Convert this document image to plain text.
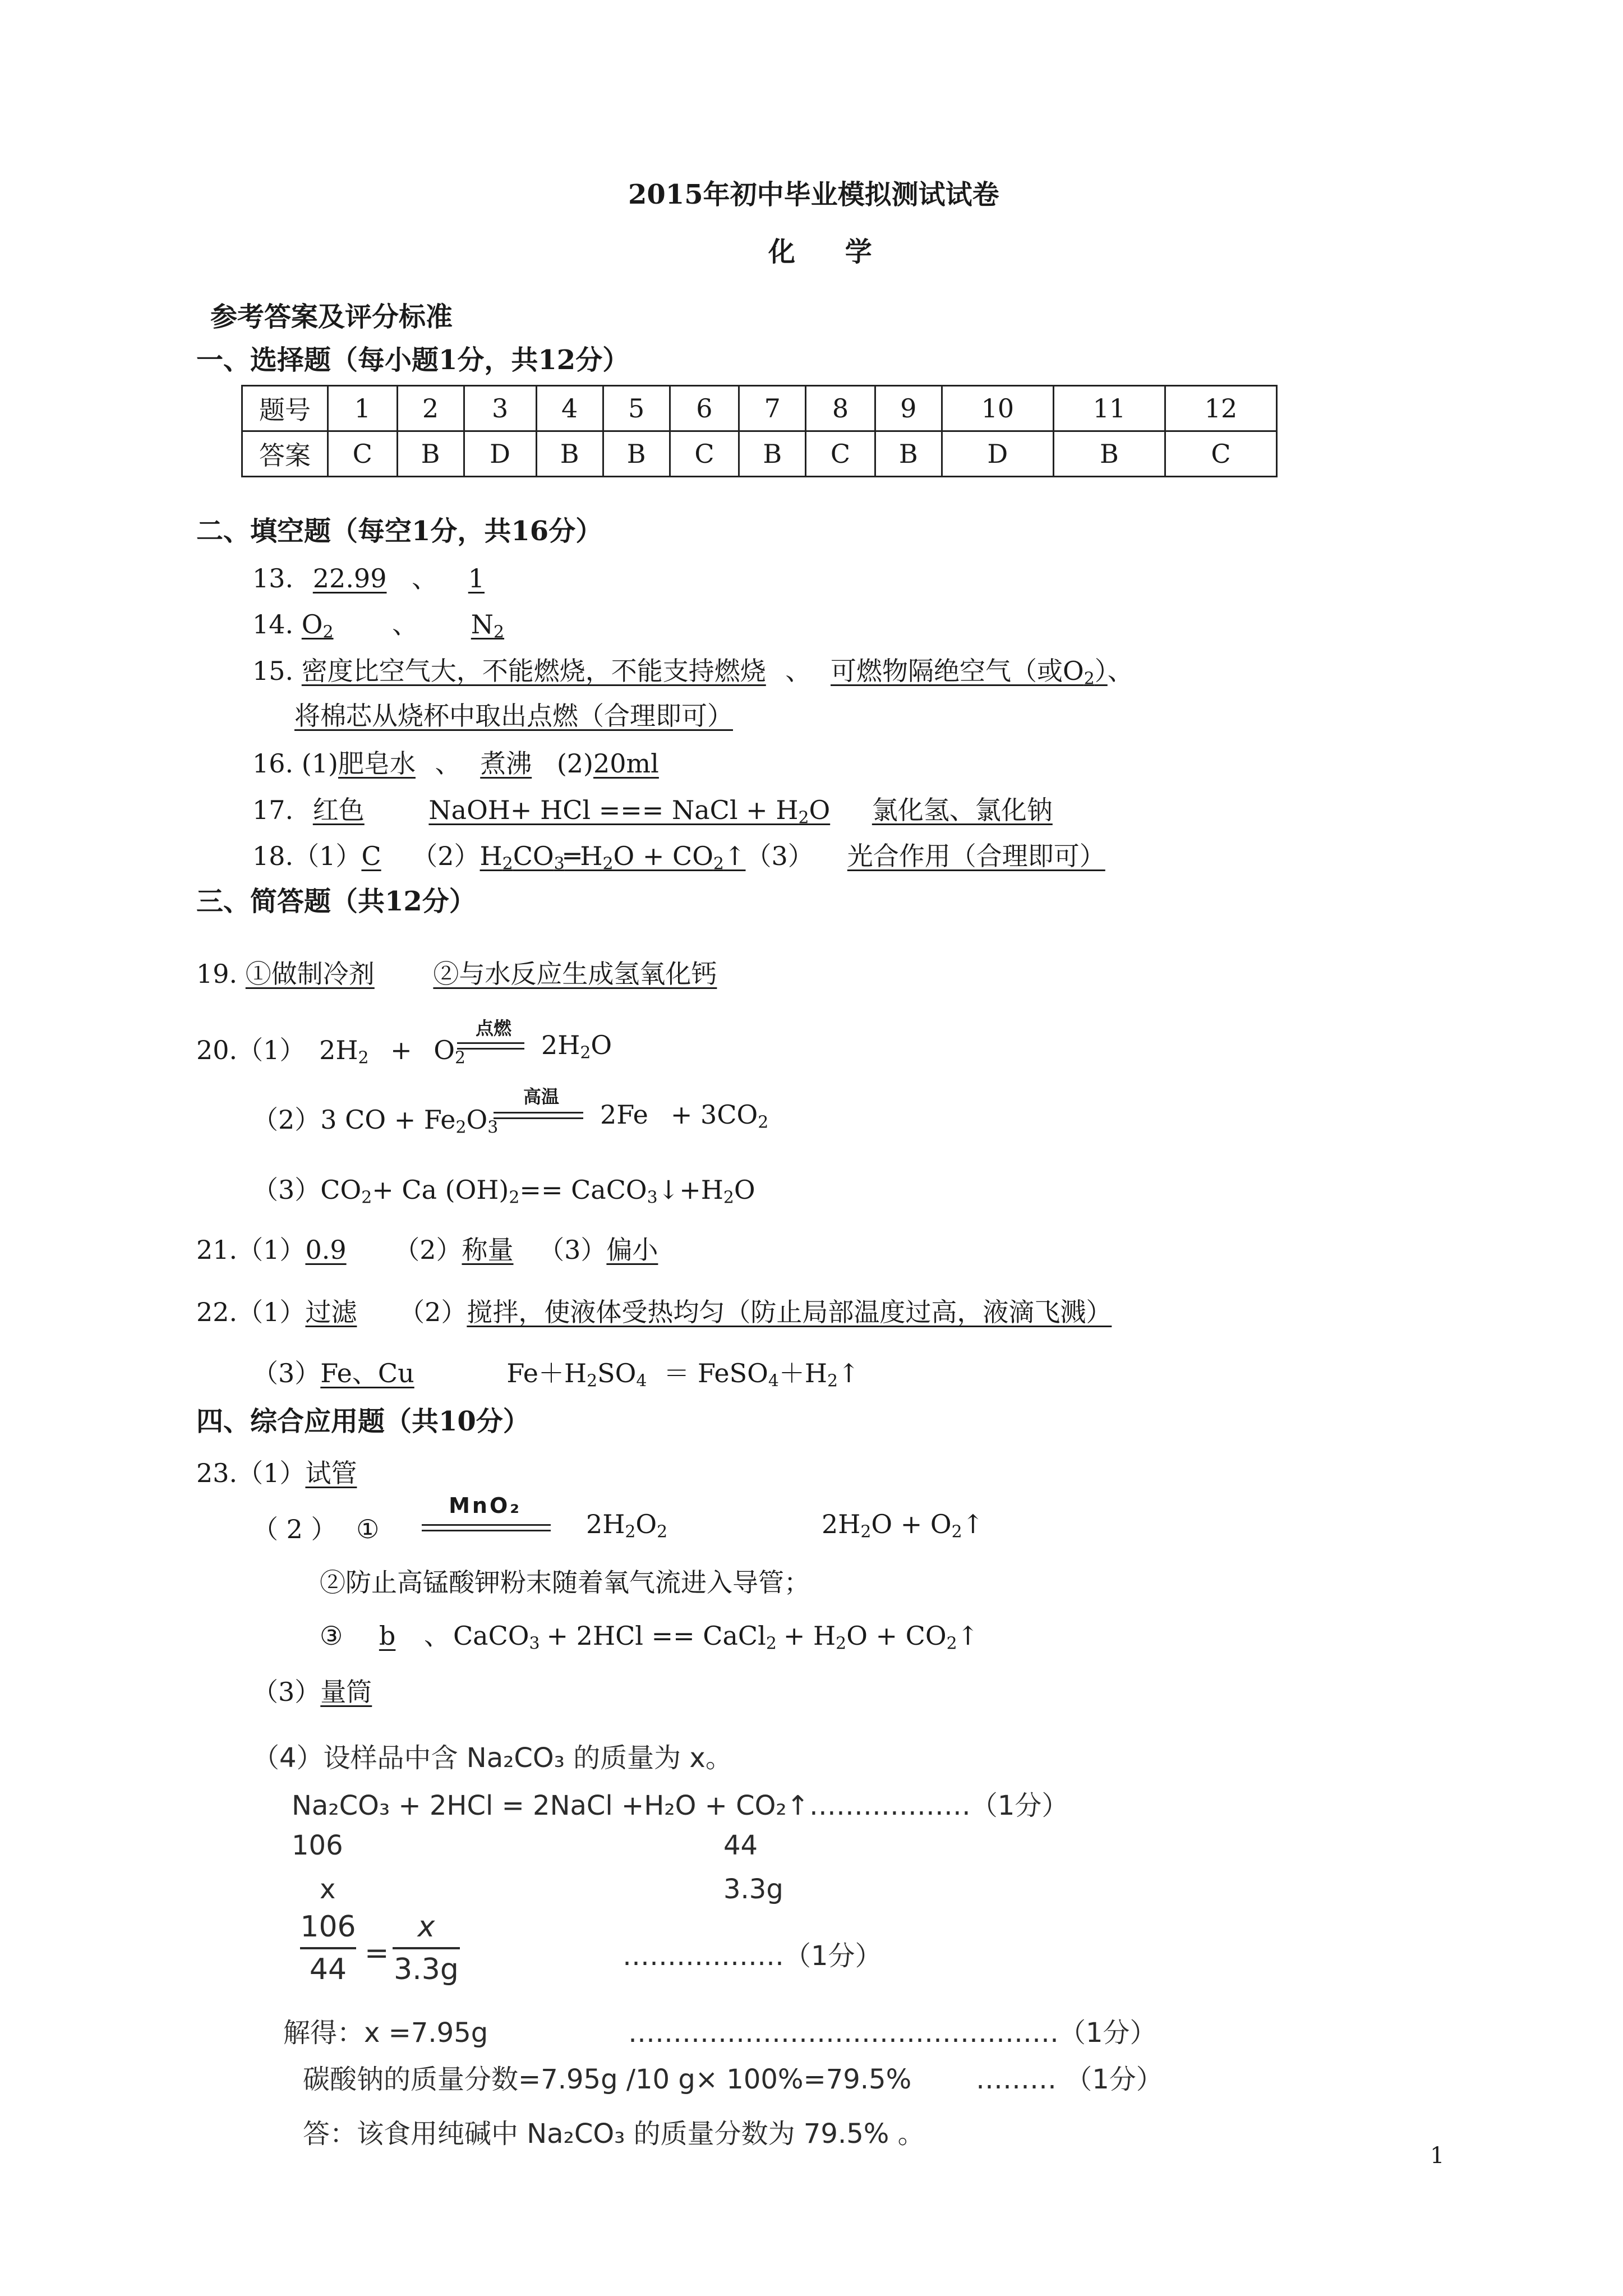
2015年初中毕业模拟测试试卷
化 学
参考答案及评分标准
一、选择题（每小题1分，共12分）
题号	1	2	3	4	5	6	7	8	9	10	11	12
答案	C	B	D	B	B	C	B	C	B	D	B	C
二、填空题（每空1分，共16分）
13. 22.99 、 1
14. $O_2$ 、 $N_2$
15. 密度比空气大，不能燃烧，不能支持燃烧 、 可燃物隔绝空气（或$O_2$）、
将棉芯从烧杯中取出点燃（合理即可）
16. (1)肥皂水 、 煮沸 (2)20ml
17. 红色 NaOH+ HCl === NaCl + $H_2O$ 氯化氢、氯化钠
18.（1）C $(2)H_2CO_3═H_2O$ + $CO_2↑(3)$ 光合作用（合理即可）
三、简答题（共12分）
19. ①做制冷剂 ②与水反应生成氢氧化钙
20.（1） $2H_2 + O_2$
点燃
$2H_2O$
（2）3 CO + $Fe_2O_3$
高温
$2Fe + 3CO_2$
$(3)CO_2+ Ca$ $(OH)_2==$ $CaCO_3↓+H_2O$
21.（1）0.9 （2）称量 （3）偏小
22.（1）过滤 （2）搅拌，使液体受热均匀（防止局部温度过高，液滴飞溅）
（3）Fe、Cu	$Fe+H_2SO_4$ ＝ $FeSO_4+H_2↑$
四、综合应用题（共10分）
23.（1）试管
（ 2 ） ①
MnO₂
$2H_2O_2$	$2H_2O$ + $O_2↑$
②防止高锰酸钾粉末随着氧气流进入导管；
③ b 、 CaCO$_3$ + 2HCl == CaCl$_2$ + $H_2O$ + $CO_2↑$
（3）量筒
（4）设样品中含 Na₂CO₃ 的质量为 x。
Na₂CO₃ + 2HCl = 2NaCl +H₂O + CO₂↑………………（1分）
106	44
x	3.3g
106
44 =
x
3.3g	………………（1分）
解得：x =7.95g	…………………………………………（1分）
碳酸钠的质量分数=7.95g /10 g× 100%=79.5% ……… （1分）
答：该食用纯碱中 Na₂CO₃ 的质量分数为 79.5% 。
1
